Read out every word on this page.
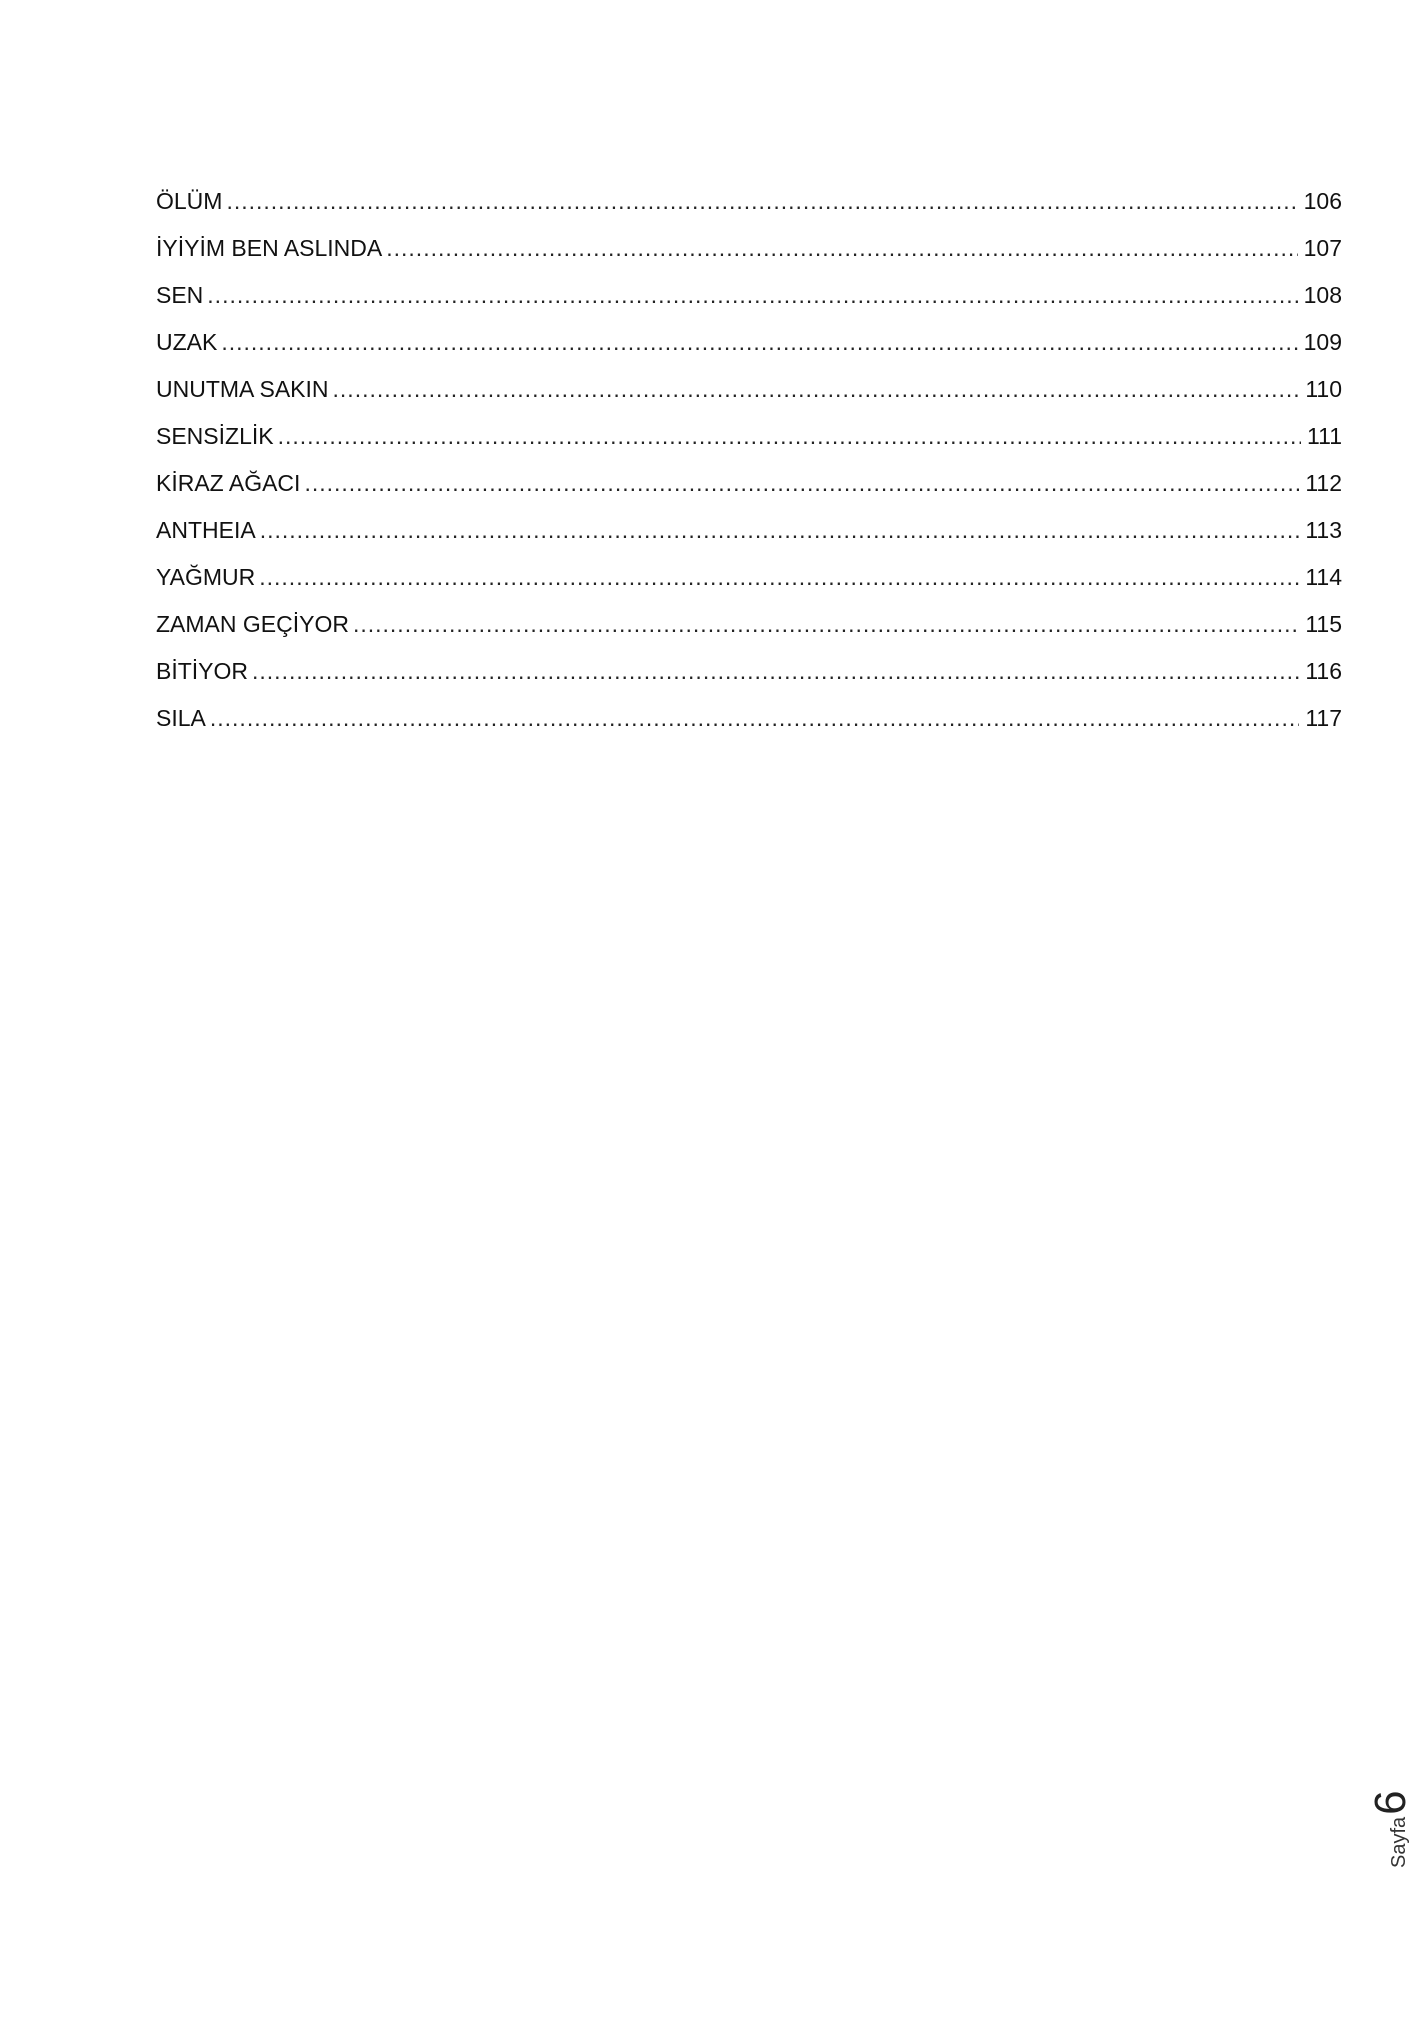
ÖLÜM .....	106
İYİYİM BEN ASLINDA .....	107
SEN .....	108
UZAK .....	109
UNUTMA SAKIN .....	110
SENSİZLİK .....	111
KİRAZ AĞACI .....	112
ANTHEIA .....	113
YAĞMUR .....	114
ZAMAN GEÇİYOR .....	115
BİTİYOR .....	116
SILA .....	117
Sayfa
6
